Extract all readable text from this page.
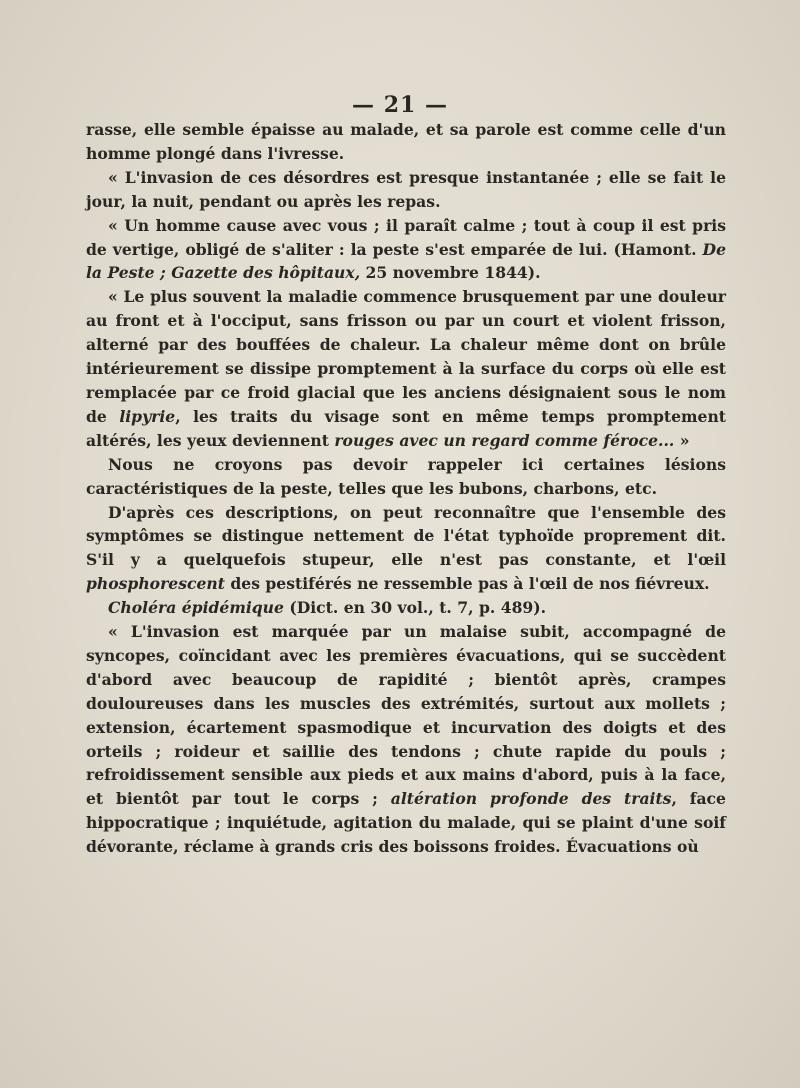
— 21 —

rasse, elle semble épaisse au malade, et sa parole est comme celle d'un homme plongé dans l'ivresse.

« L'invasion de ces désordres est presque instantanée ; elle se fait le jour, la nuit, pendant ou après les repas.

« Un homme cause avec vous ; il paraît calme ; tout à coup il est pris de vertige, obligé de s'aliter : la peste s'est emparée de lui. (Hamont. De la Peste ; Gazette des hôpitaux, 25 novembre 1844).

« Le plus souvent la maladie commence brusquement par une douleur au front et à l'occiput, sans frisson ou par un court et violent frisson, alterné par des bouffées de chaleur. La chaleur même dont on brûle intérieurement se dissipe promptement à la surface du corps où elle est remplacée par ce froid glacial que les anciens désignaient sous le nom de lipyrie, les traits du visage sont en même temps promptement altérés, les yeux deviennent rouges avec un regard comme féroce... »

Nous ne croyons pas devoir rappeler ici certaines lésions caractéristiques de la peste, telles que les bubons, charbons, etc.

D'après ces descriptions, on peut reconnaître que l'ensemble des symptômes se distingue nettement de l'état typhoïde proprement dit. S'il y a quelquefois stupeur, elle n'est pas constante, et l'œil phosphorescent des pestiférés ne ressemble pas à l'œil de nos fiévreux.

Choléra épidémique (Dict. en 30 vol., t. 7, p. 489).

« L'invasion est marquée par un malaise subit, accompagné de syncopes, coïncidant avec les premières évacuations, qui se succèdent d'abord avec beaucoup de rapidité ; bientôt après, crampes douloureuses dans les muscles des extrémités, surtout aux mollets ; extension, écartement spasmodique et incurvation des doigts et des orteils ; roideur et saillie des tendons ; chute rapide du pouls ; refroidissement sensible aux pieds et aux mains d'abord, puis à la face, et bientôt par tout le corps ; altération profonde des traits, face hippocratique ; inquiétude, agitation du malade, qui se plaint d'une soif dévorante, réclame à grands cris des boissons froides. Évacuations où
